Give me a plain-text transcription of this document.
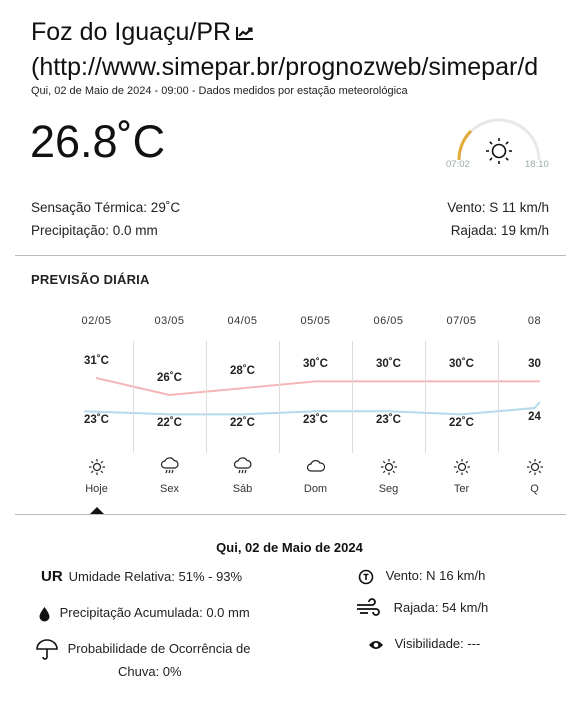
Foz do Iguaçu/PR
(http://www.simepar.br/prognozweb/simepar/d
Qui, 02 de Maio de 2024 - 09:00 - Dados medidos por estação meteorológica
26.8˚C	07:02	18:10
Sensação Térmica: 29˚C
Precipitação: 0.0 mm
Vento: S 11 km/h
Rajada: 19 km/h
PREVISÃO DIÁRIA
02/05
31˚C
23˚C
Hoje
03/05
26˚C
22˚C
Sex
04/05
28˚C
22˚C
Sáb
05/05
30˚C
23˚C
Dom
06/05
30˚C
23˚C
Seg
07/05
30˚C
22˚C
Ter
08
30
24
Q
Qui, 02 de Maio de 2024
UR Umidade Relativa: 51% - 93%
Precipitação Acumulada: 0.0 mm
Probabilidade de Ocorrência de
Chuva: 0%
Vento: N 16 km/h
Rajada: 54 km/h
Visibilidade: ---
